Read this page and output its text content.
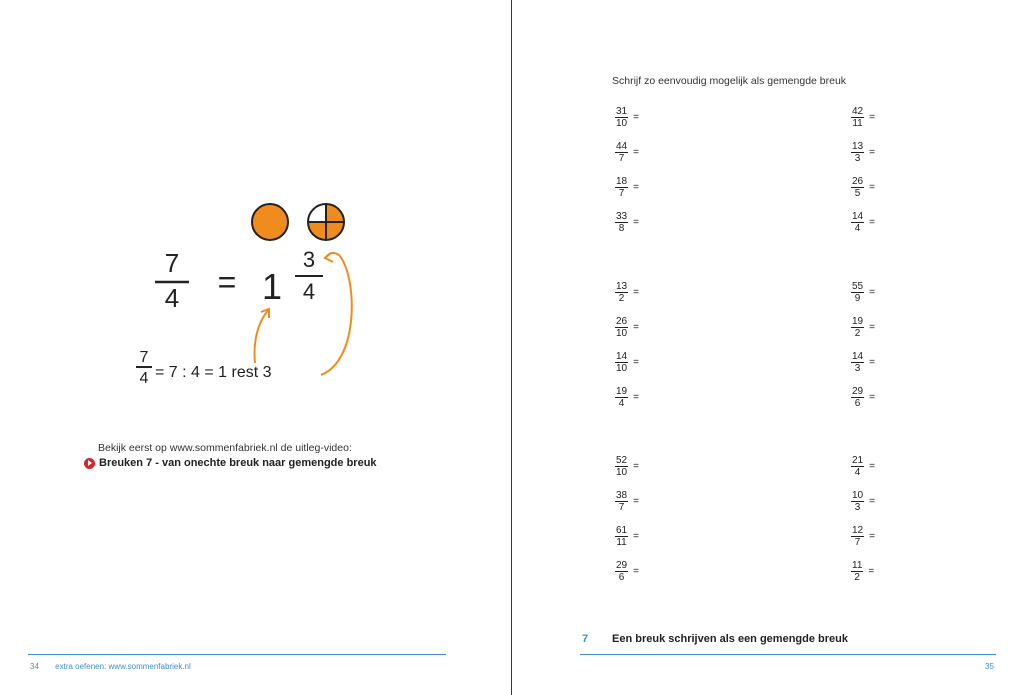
7
4 = 1
3
4
7
4 = 7 : 4 = 1 rest 3
Bekijk eerst op www.sommenfabriek.nl de uitleg-video:
Breuken 7 - van onechte breuk naar gemengde breuk
34 extra oefenen: www.sommenfabriek.nl
Schrijf zo eenvoudig mogelijk als gemengde breuk
$\frac{31}{10}$ =
$\frac{44}{7}$ =
$\frac{18}{7}$ =
$\frac{33}{8}$ =
$\frac{42}{11}$ =
$\frac{13}{3}$ =
$\frac{26}{5}$ =
$\frac{14}{4}$ =
$\frac{13}{2}$ =
$\frac{26}{10}$ =
$\frac{14}{10}$ =
$\frac{19}{4}$ =
$\frac{55}{9}$ =
$\frac{19}{2}$ =
$\frac{14}{3}$ =
$\frac{29}{6}$ =
$\frac{52}{10}$ =
$\frac{38}{7}$ =
$\frac{61}{11}$ =
$\frac{29}{6}$ =
$\frac{21}{4}$ =
$\frac{10}{3}$ =
$\frac{12}{7}$ =
$\frac{11}{2}$ =
7 Een breuk schrijven als een gemengde breuk
35
